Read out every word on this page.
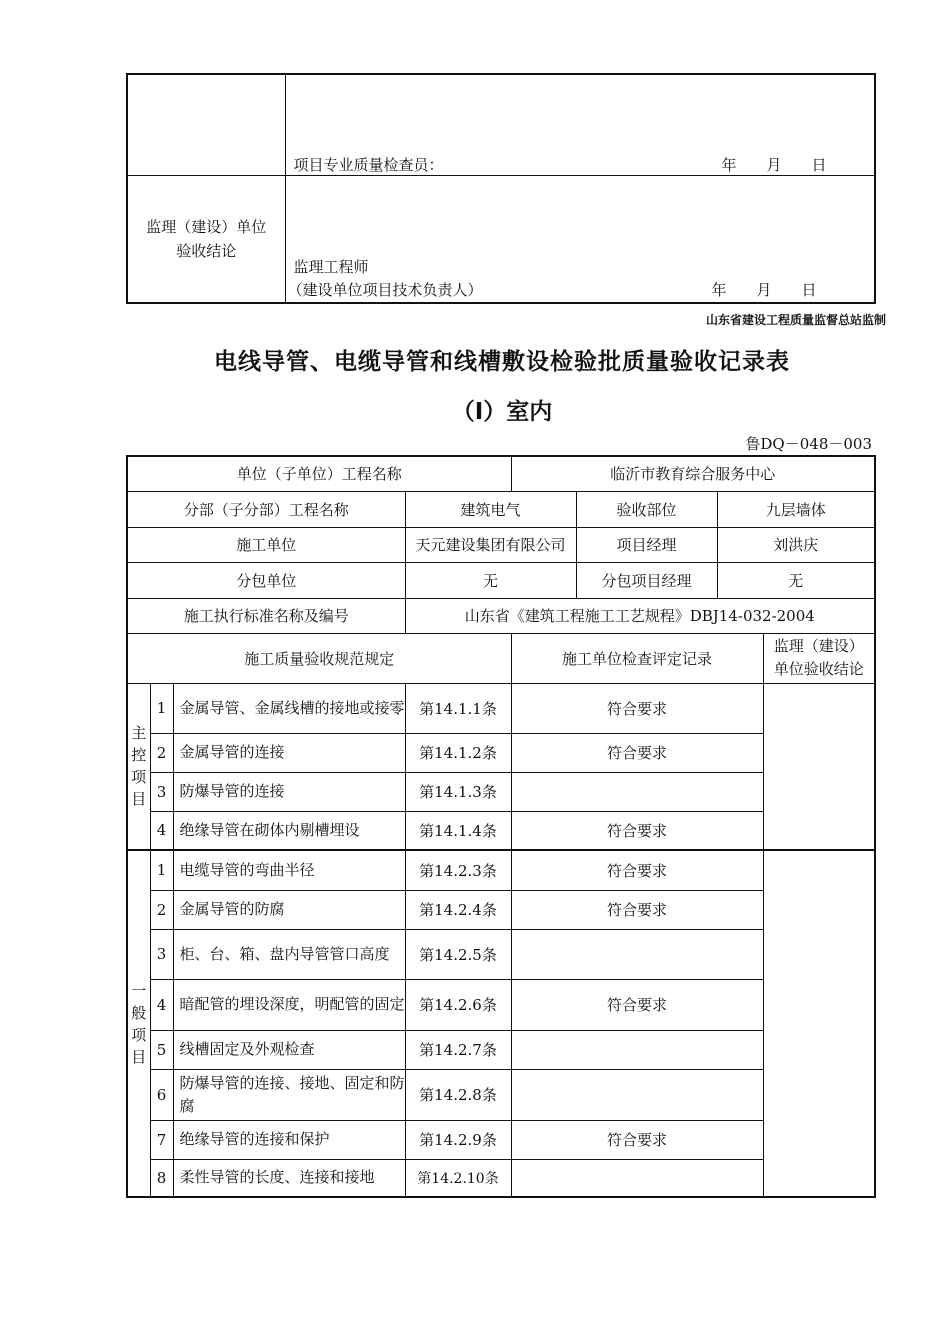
	项目专业质量检查员： 年　　月　　日

监理（建设）单位
验收结论	监理工程师
（建设单位项目技术负责人） 年　　月　　日
山东省建设工程质量监督总站监制
电线导管、电缆导管和线槽敷设检验批质量验收记录表
（Ⅰ）室内
鲁DQ－048－003
单位（子单位）工程名称				临沂市教育综合服务中心			
分部（子分部）工程名称			建筑电气		验收部位	九层墙体	
施工单位			天元建设集团有限公司		项目经理	刘洪庆	
分包单位			无		分包项目经理	无	
施工执行标准名称及编号			山东省《建筑工程施工工艺规程》DBJ14-032-2004				
施工质量验收规范规定				施工单位检查评定记录			监理（建设）
单位验收结论
主
控
项
目	1	金属导管、金属线槽的接地或接零	第14.1.1条	符合要求			
	2	金属导管的连接	第14.1.2条	符合要求			
	3	防爆导管的连接	第14.1.3条				
	4	绝缘导管在砌体内剔槽埋设	第14.1.4条	符合要求			
一
般
项
目	1	电缆导管的弯曲半径	第14.2.3条	符合要求			
	2	金属导管的防腐	第14.2.4条	符合要求			
	3	柜、台、箱、盘内导管管口高度	第14.2.5条				
	4	暗配管的埋设深度，明配管的固定	第14.2.6条	符合要求			
	5	线槽固定及外观检查	第14.2.7条				
	6	防爆导管的连接、接地、固定和防腐	第14.2.8条				
	7	绝缘导管的连接和保护	第14.2.9条	符合要求			
	8	柔性导管的长度、连接和接地	第14.2.10条				
